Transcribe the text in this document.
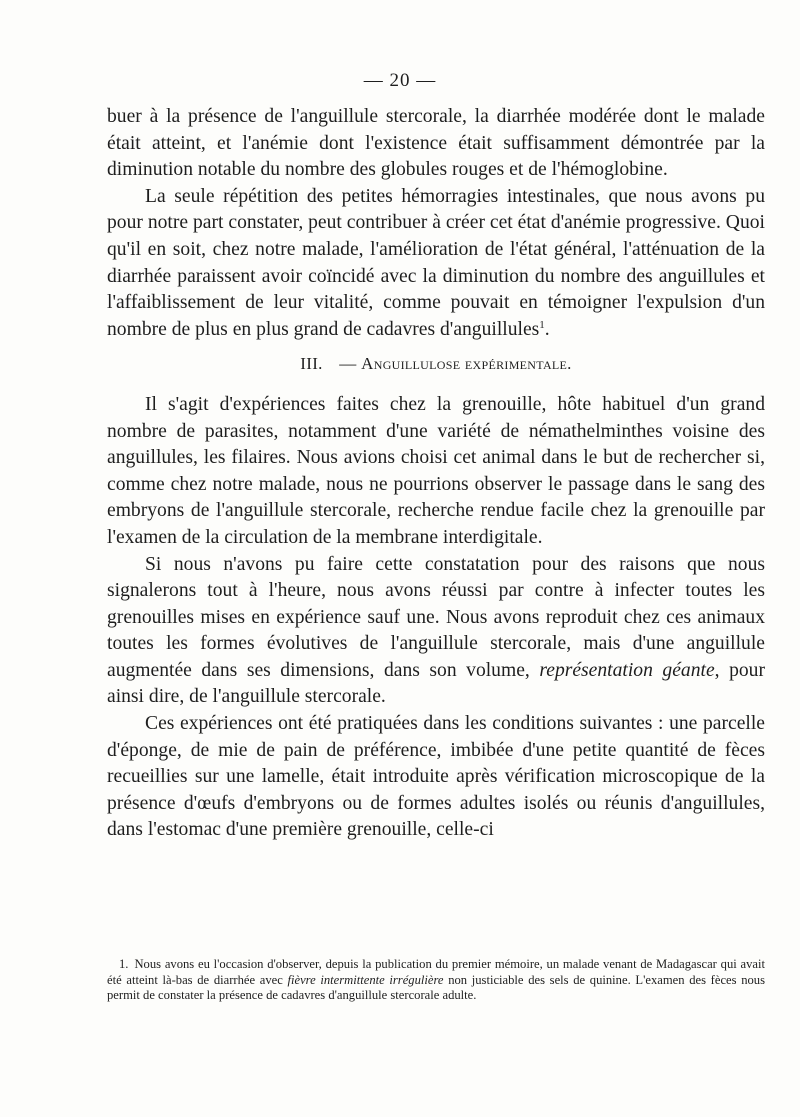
— 20 —

buer à la présence de l'anguillule stercorale, la diarrhée modérée dont le malade était atteint, et l'anémie dont l'existence était suffisamment démontrée par la diminution notable du nombre des globules rouges et de l'hémoglobine.

La seule répétition des petites hémorragies intestinales, que nous avons pu pour notre part constater, peut contribuer à créer cet état d'anémie progressive. Quoi qu'il en soit, chez notre malade, l'amélioration de l'état général, l'atténuation de la diarrhée paraissent avoir coïncidé avec la diminution du nombre des anguillules et l'affaiblissement de leur vitalité, comme pouvait en témoigner l'expulsion d'un nombre de plus en plus grand de cadavres d'anguillules$^1$.

III. — Anguillulose expérimentale.

Il s'agit d'expériences faites chez la grenouille, hôte habituel d'un grand nombre de parasites, notamment d'une variété de némathelminthes voisine des anguillules, les filaires. Nous avions choisi cet animal dans le but de rechercher si, comme chez notre malade, nous ne pourrions observer le passage dans le sang des embryons de l'anguillule stercorale, recherche rendue facile chez la grenouille par l'examen de la circulation de la membrane interdigitale.

Si nous n'avons pu faire cette constatation pour des raisons que nous signalerons tout à l'heure, nous avons réussi par contre à infecter toutes les grenouilles mises en expérience sauf une. Nous avons reproduit chez ces animaux toutes les formes évolutives de l'anguillule stercorale, mais d'une anguillule augmentée dans ses dimensions, dans son volume, représentation géante, pour ainsi dire, de l'anguillule stercorale.

Ces expériences ont été pratiquées dans les conditions suivantes : une parcelle d'éponge, de mie de pain de préférence, imbibée d'une petite quantité de fèces recueillies sur une lamelle, était introduite après vérification microscopique de la présence d'œufs d'embryons ou de formes adultes isolés ou réunis d'anguillules, dans l'estomac d'une première grenouille, celle-ci

1. Nous avons eu l'occasion d'observer, depuis la publication du premier mémoire, un malade venant de Madagascar qui avait été atteint là-bas de diarrhée avec fièvre intermittente irrégulière non justiciable des sels de quinine. L'examen des fèces nous permit de constater la présence de cadavres d'anguillule stercorale adulte.
